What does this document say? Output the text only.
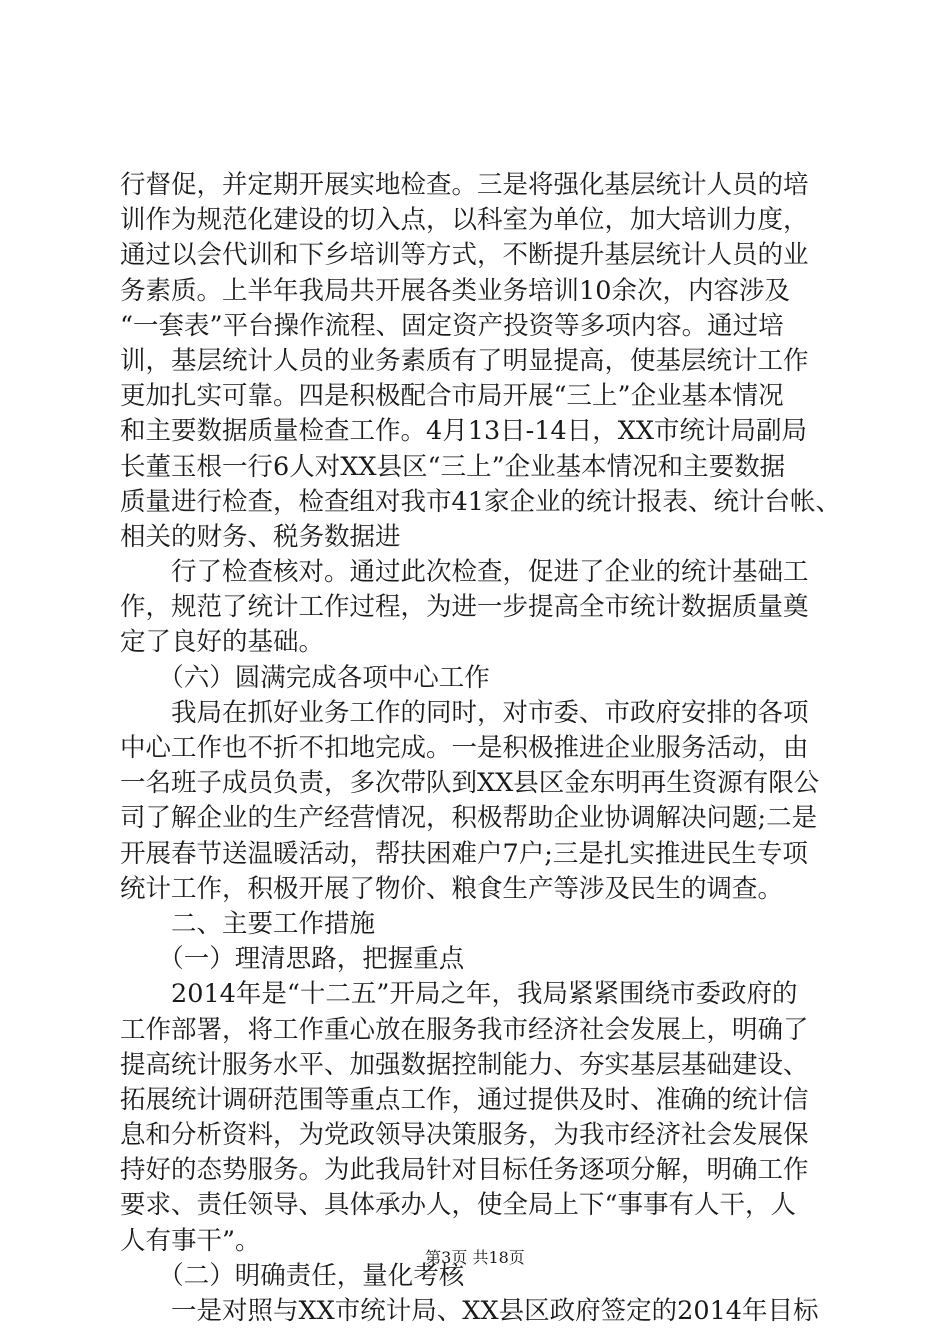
行督促，并定期开展实地检查。三是将强化基层统计人员的培
训作为规范化建设的切入点，以科室为单位，加大培训力度，
通过以会代训和下乡培训等方式，不断提升基层统计人员的业
务素质。上半年我局共开展各类业务培训10余次，内容涉及
“一套表”平台操作流程、固定资产投资等多项内容。通过培
训，基层统计人员的业务素质有了明显提高，使基层统计工作
更加扎实可靠。四是积极配合市局开展“三上”企业基本情况
和主要数据质量检查工作。4月13日-14日，XX市统计局副局
长董玉根一行6人对XX县区“三上”企业基本情况和主要数据
质量进行检查，检查组对我市41家企业的统计报表、统计台帐、
相关的财务、税务数据进
　　行了检查核对。通过此次检查，促进了企业的统计基础工
作，规范了统计工作过程，为进一步提高全市统计数据质量奠
定了良好的基础。
　　（六）圆满完成各项中心工作
　　我局在抓好业务工作的同时，对市委、市政府安排的各项
中心工作也不折不扣地完成。一是积极推进企业服务活动，由
一名班子成员负责，多次带队到XX县区金东明再生资源有限公
司了解企业的生产经营情况，积极帮助企业协调解决问题;二是
开展春节送温暖活动，帮扶困难户7户;三是扎实推进民生专项
统计工作，积极开展了物价、粮食生产等涉及民生的调查。
　　二、主要工作措施
　　（一）理清思路，把握重点
　　2014年是“十二五”开局之年，我局紧紧围绕市委政府的
工作部署，将工作重心放在服务我市经济社会发展上，明确了
提高统计服务水平、加强数据控制能力、夯实基层基础建设、
拓展统计调研范围等重点工作，通过提供及时、准确的统计信
息和分析资料，为党政领导决策服务，为我市经济社会发展保
持好的态势服务。为此我局针对目标任务逐项分解，明确工作
要求、责任领导、具体承办人，使全局上下“事事有人干，人
人有事干”。
　　（二）明确责任，量化考核
　　一是对照与XX市统计局、XX县区政府签定的2014年目标
第3页 共18页
